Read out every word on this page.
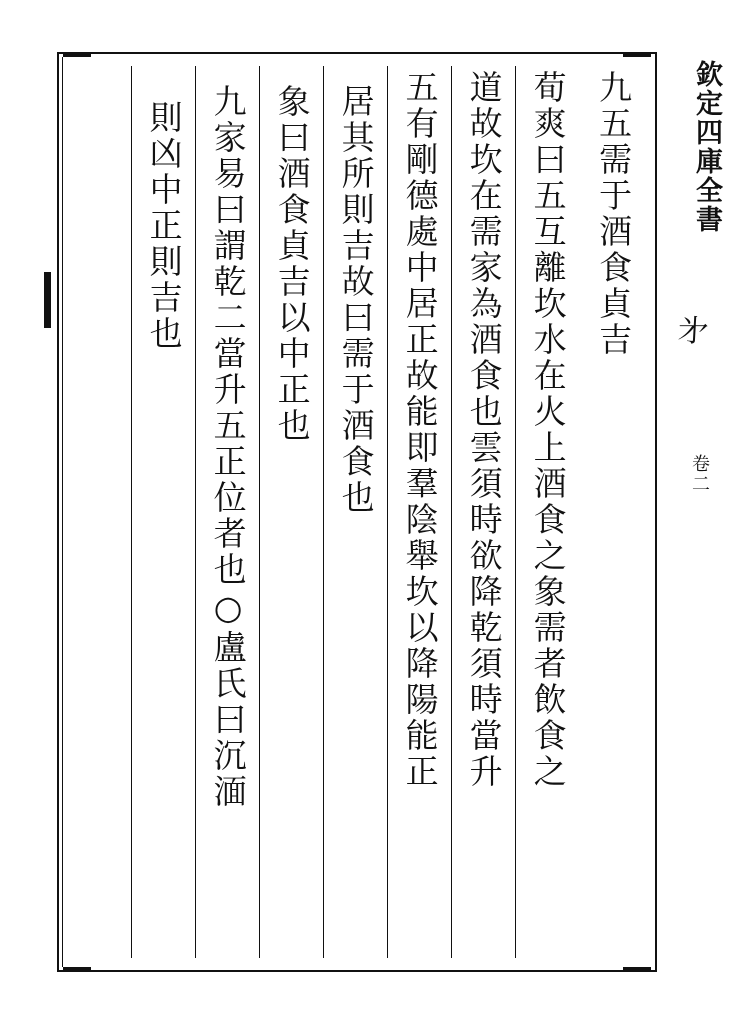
欽定四庫全書
㐧
卷二
九五需于酒食貞吉
荀爽曰五互離坎水在火上酒食之象需者飲食之
道故坎在需家為酒食也雲須時欲降乾須時當升
五有剛德處中居正故能即羣陰舉坎以降陽能正
居其所則吉故曰需于酒食也
象曰酒食貞吉以中正也
九家易曰謂乾二當升五正位者也○盧氏曰沉湎
則凶中正則吉也
